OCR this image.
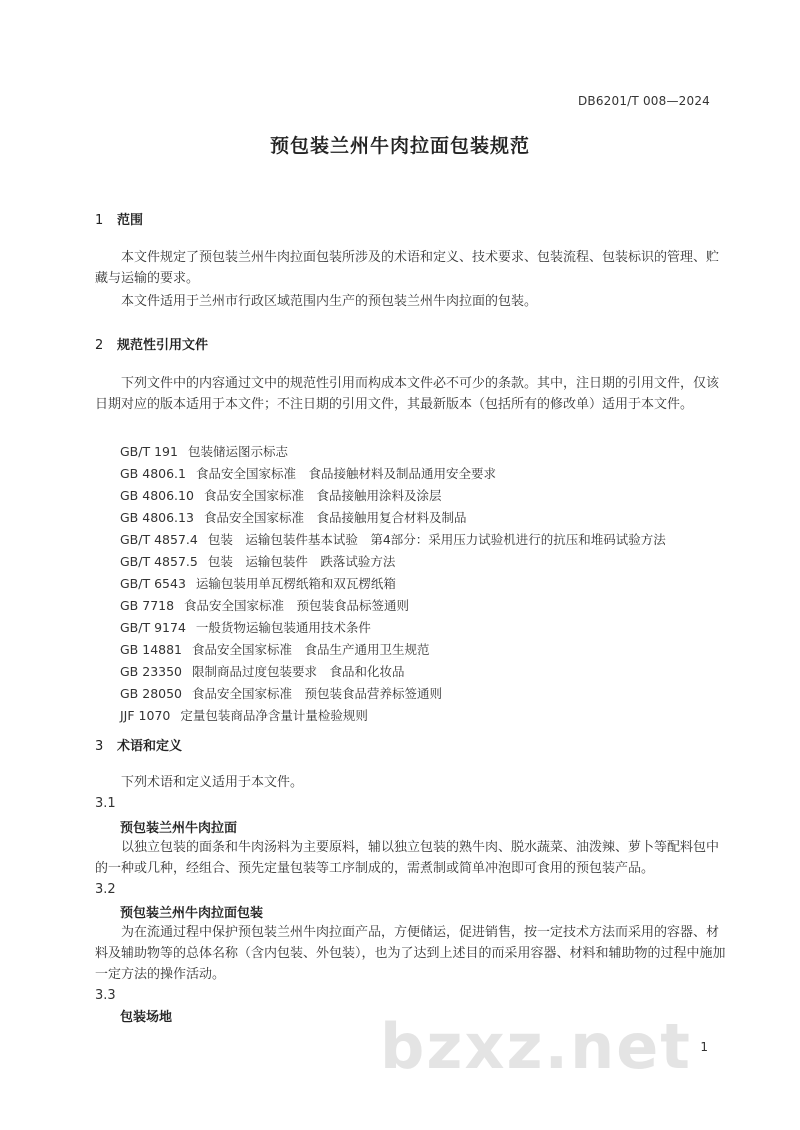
DB6201/T 008—2024
预包装兰州牛肉拉面包装规范
1 范围
本文件规定了预包装兰州牛肉拉面包装所涉及的术语和定义、技术要求、包装流程、包装标识的管理、贮藏与运输的要求。
本文件适用于兰州市行政区域范围内生产的预包装兰州牛肉拉面的包装。
2 规范性引用文件
下列文件中的内容通过文中的规范性引用而构成本文件必不可少的条款。其中，注日期的引用文件，仅该日期对应的版本适用于本文件；不注日期的引用文件，其最新版本（包括所有的修改单）适用于本文件。
GB/T 191 包装储运图示标志
GB 4806.1 食品安全国家标准　食品接触材料及制品通用安全要求
GB 4806.10 食品安全国家标准　食品接触用涂料及涂层
GB 4806.13 食品安全国家标准　食品接触用复合材料及制品
GB/T 4857.4 包装　运输包装件基本试验　第4部分：采用压力试验机进行的抗压和堆码试验方法
GB/T 4857.5 包装　运输包装件　跌落试验方法
GB/T 6543 运输包装用单瓦楞纸箱和双瓦楞纸箱
GB 7718 食品安全国家标准　预包装食品标签通则
GB/T 9174 一般货物运输包装通用技术条件
GB 14881 食品安全国家标准　食品生产通用卫生规范
GB 23350 限制商品过度包装要求　食品和化妆品
GB 28050 食品安全国家标准　预包装食品营养标签通则
JJF 1070 定量包装商品净含量计量检验规则
3 术语和定义
下列术语和定义适用于本文件。
3.1
预包装兰州牛肉拉面
以独立包装的面条和牛肉汤料为主要原料，辅以独立包装的熟牛肉、脱水蔬菜、油泼辣、萝卜等配料包中的一种或几种，经组合、预先定量包装等工序制成的，需煮制或简单冲泡即可食用的预包装产品。
3.2
预包装兰州牛肉拉面包装
为在流通过程中保护预包装兰州牛肉拉面产品，方便储运，促进销售，按一定技术方法而采用的容器、材料及辅助物等的总体名称（含内包装、外包装），也为了达到上述目的而采用容器、材料和辅助物的过程中施加一定方法的操作活动。
3.3
包装场地	bzxz.net 1
